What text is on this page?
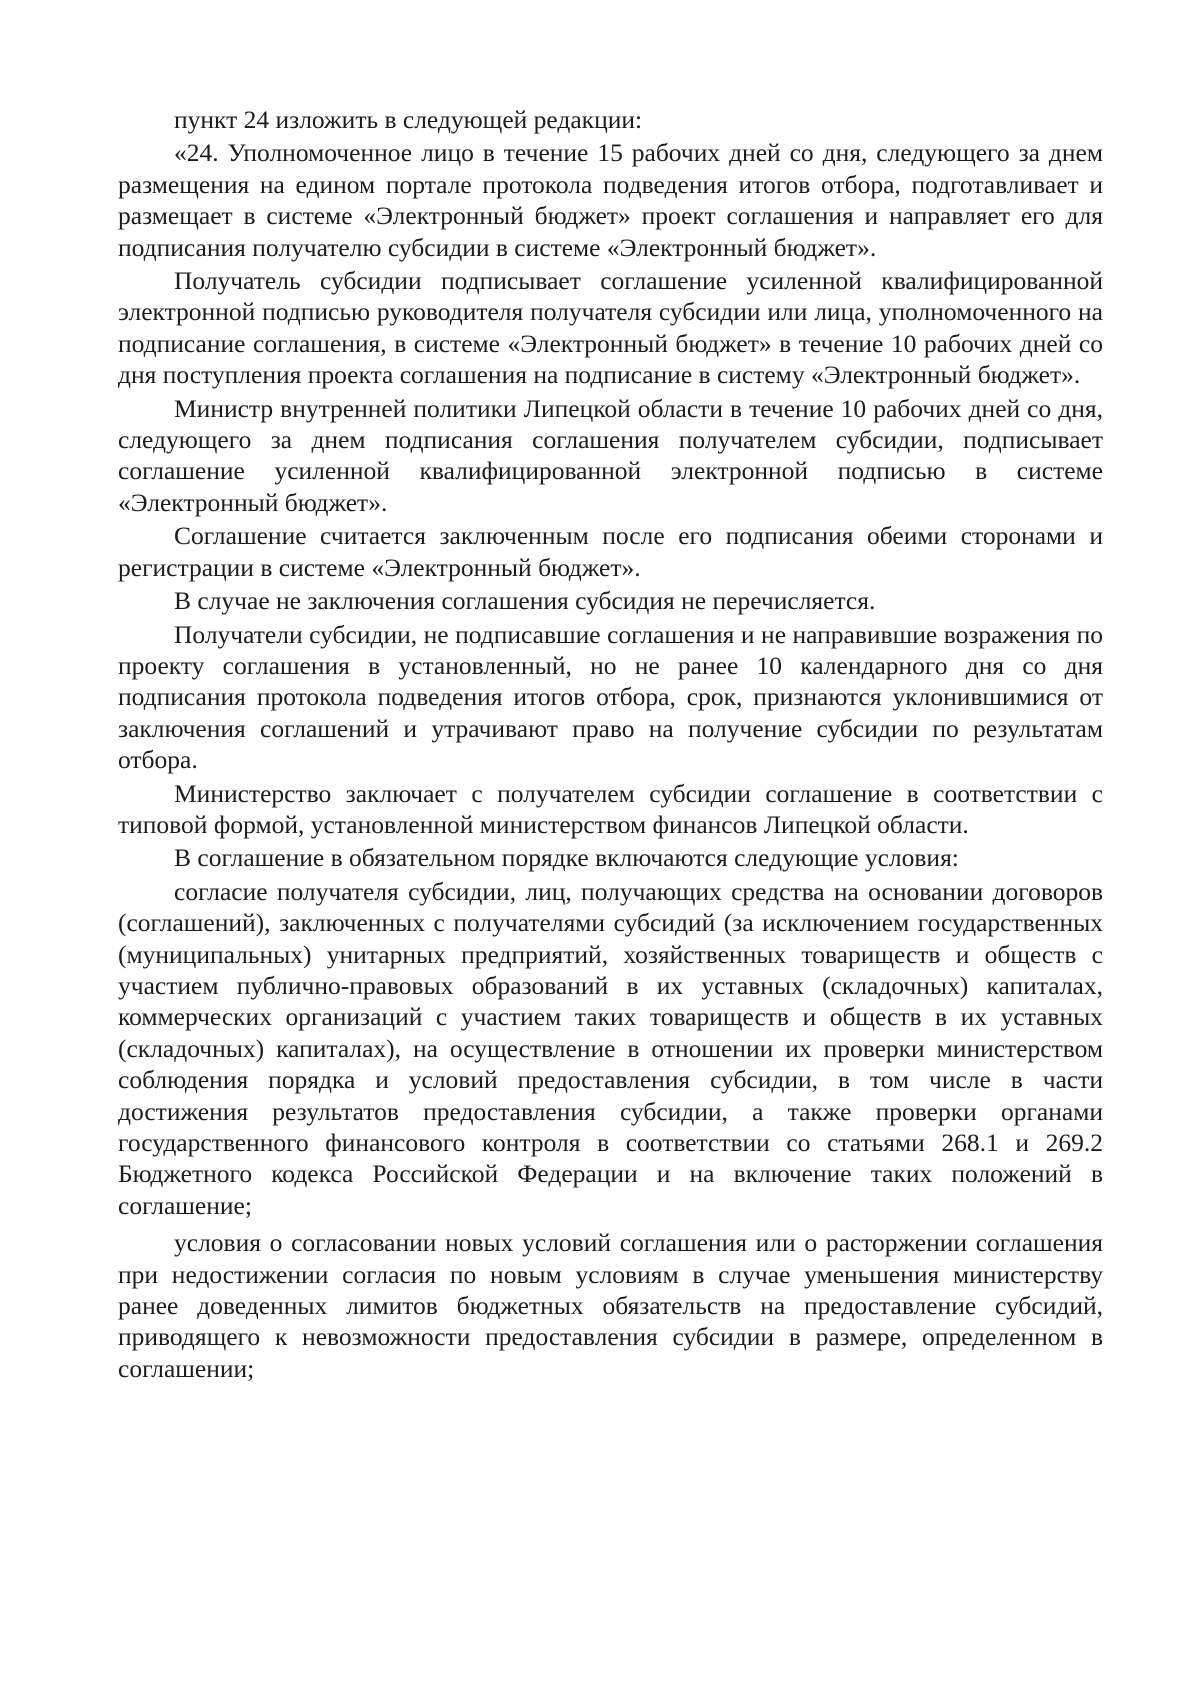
пункт 24 изложить в следующей редакции:

«24. Уполномоченное лицо в течение 15 рабочих дней со дня, следующего за днем размещения на едином портале протокола подведения итогов отбора, подготавливает и размещает в системе «Электронный бюджет» проект соглашения и направляет его для подписания получателю субсидии в системе «Электронный бюджет».

Получатель субсидии подписывает соглашение усиленной квалифицированной электронной подписью руководителя получателя субсидии или лица, уполномоченного на подписание соглашения, в системе «Электронный бюджет» в течение 10 рабочих дней со дня поступления проекта соглашения на подписание в систему «Электронный бюджет».

Министр внутренней политики Липецкой области в течение 10 рабочих дней со дня, следующего за днем подписания соглашения получателем субсидии, подписывает соглашение усиленной квалифицированной электронной подписью в системе «Электронный бюджет».

Соглашение считается заключенным после его подписания обеими сторонами и регистрации в системе «Электронный бюджет».

В случае не заключения соглашения субсидия не перечисляется.

Получатели субсидии, не подписавшие соглашения и не направившие возражения по проекту соглашения в установленный, но не ранее 10 календарного дня со дня подписания протокола подведения итогов отбора, срок, признаются уклонившимися от заключения соглашений и утрачивают право на получение субсидии по результатам отбора.

Министерство заключает с получателем субсидии соглашение в соответствии с типовой формой, установленной министерством финансов Липецкой области.

В соглашение в обязательном порядке включаются следующие условия:

согласие получателя субсидии, лиц, получающих средства на основании договоров (соглашений), заключенных с получателями субсидий (за исключением государственных (муниципальных) унитарных предприятий, хозяйственных товариществ и обществ с участием публично-правовых образований в их уставных (складочных) капиталах, коммерческих организаций с участием таких товариществ и обществ в их уставных (складочных) капиталах), на осуществление в отношении их проверки министерством соблюдения порядка и условий предоставления субсидии, в том числе в части достижения результатов предоставления субсидии, а также проверки органами государственного финансового контроля в соответствии со статьями 268.1 и 269.2 Бюджетного кодекса Российской Федерации и на включение таких положений в соглашение;

условия о согласовании новых условий соглашения или о расторжении соглашения при недостижении согласия по новым условиям в случае уменьшения министерству ранее доведенных лимитов бюджетных обязательств на предоставление субсидий, приводящего к невозможности предоставления субсидии в размере, определенном в соглашении;
